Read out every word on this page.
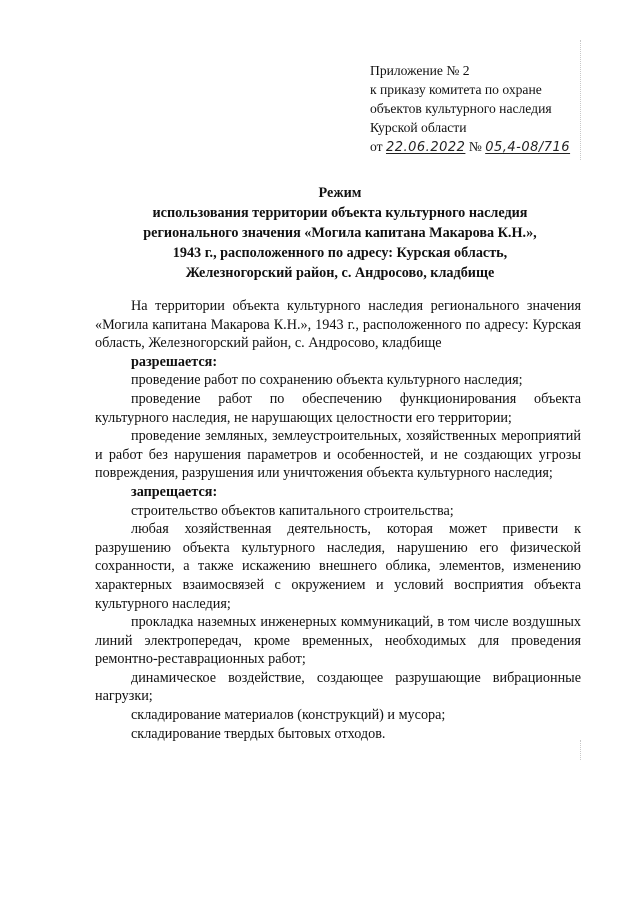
Приложение № 2
к приказу комитета по охране
объектов культурного наследия
Курской области
от 22.06.2022 № 05,4-08/716
Режим
использования территории объекта культурного наследия
регионального значения «Могила капитана Макарова К.Н.»,
1943 г., расположенного по адресу: Курская область,
Железногорский район, с. Андросово, кладбище

На территории объекта культурного наследия регионального значения «Могила капитана Макарова К.Н.», 1943 г., расположенного по адресу: Курская область, Железногорский район, с. Андросово, кладбище

разрешается:

проведение работ по сохранению объекта культурного наследия;

проведение работ по обеспечению функционирования объекта культурного наследия, не нарушающих целостности его территории;

проведение земляных, землеустроительных, хозяйственных мероприятий и работ без нарушения параметров и особенностей, и не создающих угрозы повреждения, разрушения или уничтожения объекта культурного наследия;

запрещается:

строительство объектов капитального строительства;

любая хозяйственная деятельность, которая может привести к разрушению объекта культурного наследия, нарушению его физической сохранности, а также искажению внешнего облика, элементов, изменению характерных взаимосвязей с окружением и условий восприятия объекта культурного наследия;

прокладка наземных инженерных коммуникаций, в том числе воздушных линий электропередач, кроме временных, необходимых для проведения ремонтно-реставрационных работ;

динамическое воздействие, создающее разрушающие вибрационные нагрузки;

складирование материалов (конструкций) и мусора;

складирование твердых бытовых отходов.
